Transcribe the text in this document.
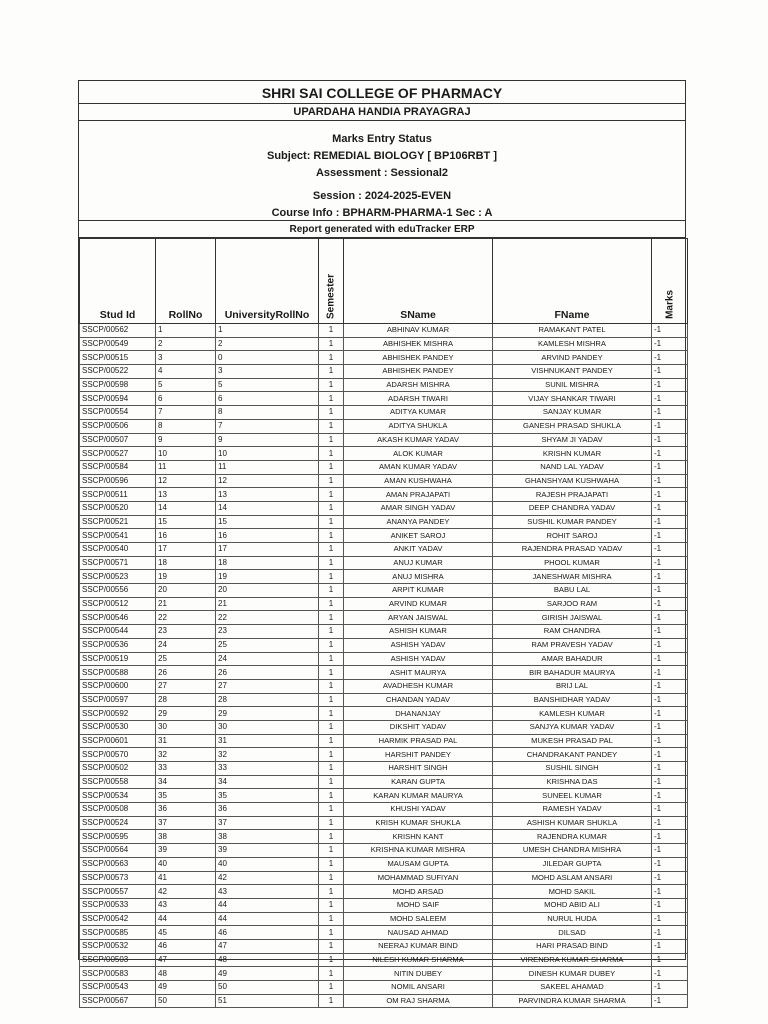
SHRI SAI COLLEGE OF PHARMACY
UPARDAHA HANDIA PRAYAGRAJ
Marks Entry Status
Subject: REMEDIAL BIOLOGY [ BP106RBT ]
Assessment : Sessional2
Session : 2024-2025-EVEN
Course Info : BPHARM-PHARMA-1 Sec : A
Report generated with eduTracker ERP
Stud Id	RollNo	UniversityRollNo	Semester	SName	FName	Marks

SSCP/00562	1	1	1	ABHINAV KUMAR	RAMAKANT PATEL	-1
SSCP/00549	2	2	1	ABHISHEK MISHRA	KAMLESH MISHRA	-1
SSCP/00515	3	0	1	ABHISHEK PANDEY	ARVIND PANDEY	-1
SSCP/00522	4	3	1	ABHISHEK PANDEY	VISHNUKANT PANDEY	-1
SSCP/00598	5	5	1	ADARSH MISHRA	SUNIL MISHRA	-1
SSCP/00594	6	6	1	ADARSH TIWARI	VIJAY SHANKAR TIWARI	-1
SSCP/00554	7	8	1	ADITYA KUMAR	SANJAY KUMAR	-1
SSCP/00506	8	7	1	ADITYA SHUKLA	GANESH PRASAD SHUKLA	-1
SSCP/00507	9	9	1	AKASH KUMAR YADAV	SHYAM JI YADAV	-1
SSCP/00527	10	10	1	ALOK KUMAR	KRISHN KUMAR	-1
SSCP/00584	11	11	1	AMAN KUMAR YADAV	NAND LAL YADAV	-1
SSCP/00596	12	12	1	AMAN KUSHWAHA	GHANSHYAM KUSHWAHA	-1
SSCP/00511	13	13	1	AMAN PRAJAPATI	RAJESH PRAJAPATI	-1
SSCP/00520	14	14	1	AMAR SINGH YADAV	DEEP CHANDRA YADAV	-1
SSCP/00521	15	15	1	ANANYA PANDEY	SUSHIL KUMAR PANDEY	-1
SSCP/00541	16	16	1	ANIKET SAROJ	ROHIT SAROJ	-1
SSCP/00540	17	17	1	ANKIT YADAV	RAJENDRA PRASAD YADAV	-1
SSCP/00571	18	18	1	ANUJ KUMAR	PHOOL KUMAR	-1
SSCP/00523	19	19	1	ANUJ MISHRA	JANESHWAR MISHRA	-1
SSCP/00556	20	20	1	ARPIT KUMAR	BABU LAL	-1
SSCP/00512	21	21	1	ARVIND KUMAR	SARJOO RAM	-1
SSCP/00546	22	22	1	ARYAN JAISWAL	GIRISH JAISWAL	-1
SSCP/00544	23	23	1	ASHISH KUMAR	RAM CHANDRA	-1
SSCP/00536	24	25	1	ASHISH YADAV	RAM PRAVESH YADAV	-1
SSCP/00519	25	24	1	ASHISH YADAV	AMAR BAHADUR	-1
SSCP/00588	26	26	1	ASHIT MAURYA	BIR BAHADUR MAURYA	-1
SSCP/00600	27	27	1	AVADHESH KUMAR	BRIJ LAL	-1
SSCP/00597	28	28	1	CHANDAN YADAV	BANSHIDHAR YADAV	-1
SSCP/00592	29	29	1	DHANANJAY	KAMLESH KUMAR	-1
SSCP/00530	30	30	1	DIKSHIT YADAV	SANJYA KUMAR YADAV	-1
SSCP/00601	31	31	1	HARMIK PRASAD PAL	MUKESH PRASAD PAL	-1
SSCP/00570	32	32	1	HARSHIT PANDEY	CHANDRAKANT PANDEY	-1
SSCP/00502	33	33	1	HARSHIT SINGH	SUSHIL SINGH	-1
SSCP/00558	34	34	1	KARAN GUPTA	KRISHNA DAS	-1
SSCP/00534	35	35	1	KARAN KUMAR MAURYA	SUNEEL KUMAR	-1
SSCP/00508	36	36	1	KHUSHI YADAV	RAMESH YADAV	-1
SSCP/00524	37	37	1	KRISH KUMAR SHUKLA	ASHISH KUMAR SHUKLA	-1
SSCP/00595	38	38	1	KRISHN KANT	RAJENDRA KUMAR	-1
SSCP/00564	39	39	1	KRISHNA KUMAR MISHRA	UMESH CHANDRA MISHRA	-1
SSCP/00563	40	40	1	MAUSAM GUPTA	JILEDAR GUPTA	-1
SSCP/00573	41	42	1	MOHAMMAD SUFIYAN	MOHD ASLAM ANSARI	-1
SSCP/00557	42	43	1	MOHD ARSAD	MOHD SAKIL	-1
SSCP/00533	43	44	1	MOHD SAIF	MOHD ABID ALI	-1
SSCP/00542	44	44	1	MOHD SALEEM	NURUL HUDA	-1
SSCP/00585	45	46	1	NAUSAD AHMAD	DILSAD	-1
SSCP/00532	46	47	1	NEERAJ KUMAR BIND	HARI PRASAD BIND	-1
SSCP/00503	47	48	1	NILESH KUMAR SHARMA	VIRENDRA KUMAR SHARMA	-1
SSCP/00583	48	49	1	NITIN DUBEY	DINESH KUMAR DUBEY	-1
SSCP/00543	49	50	1	NOMIL ANSARI	SAKEEL AHAMAD	-1
SSCP/00567	50	51	1	OM RAJ SHARMA	PARVINDRA KUMAR SHARMA	-1
